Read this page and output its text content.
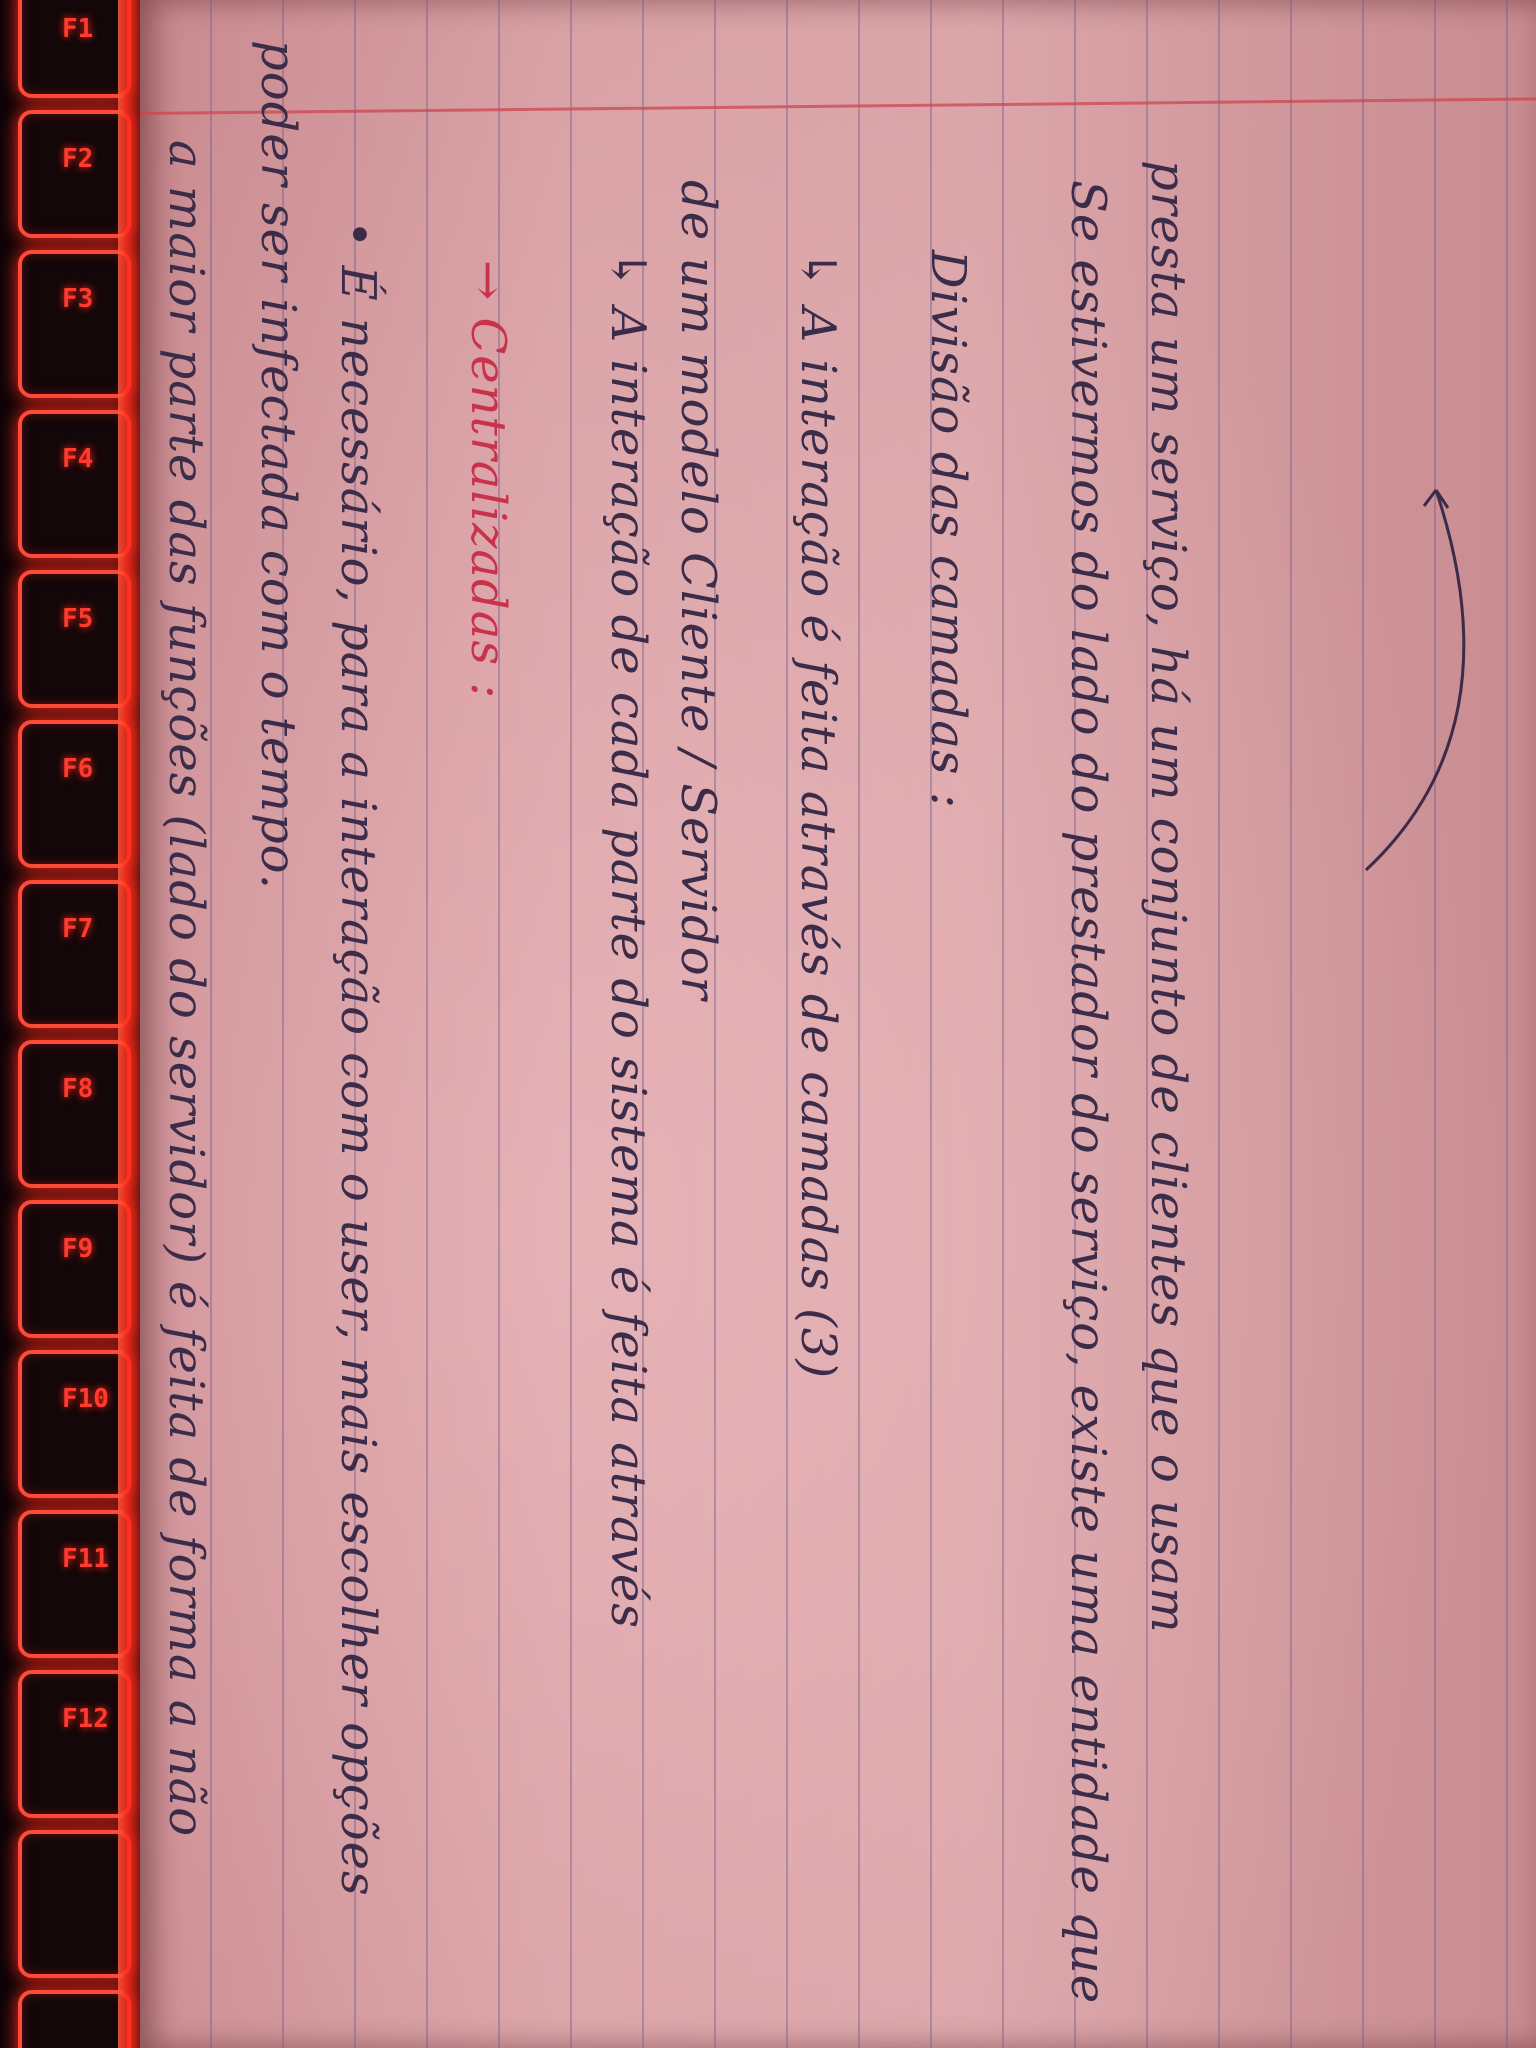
F1
F2
F3
F4
F5
F6
F7
F8
F9
F10
F11
F12 a maior parte das funções (lado do servidor) é feita de forma a não poder ser infectada com o tempo. • É necessário, para a interação com o user, mais escolher opções → Centralizadas : ↳ A interação de cada parte do sistema é feita através de um modelo Cliente / Servidor ↳ A interação é feita através de camadas (3) Divisão das camadas : Se estivermos do lado do prestador do serviço, existe uma entidade que presta um serviço, há um conjunto de clientes que o usam
